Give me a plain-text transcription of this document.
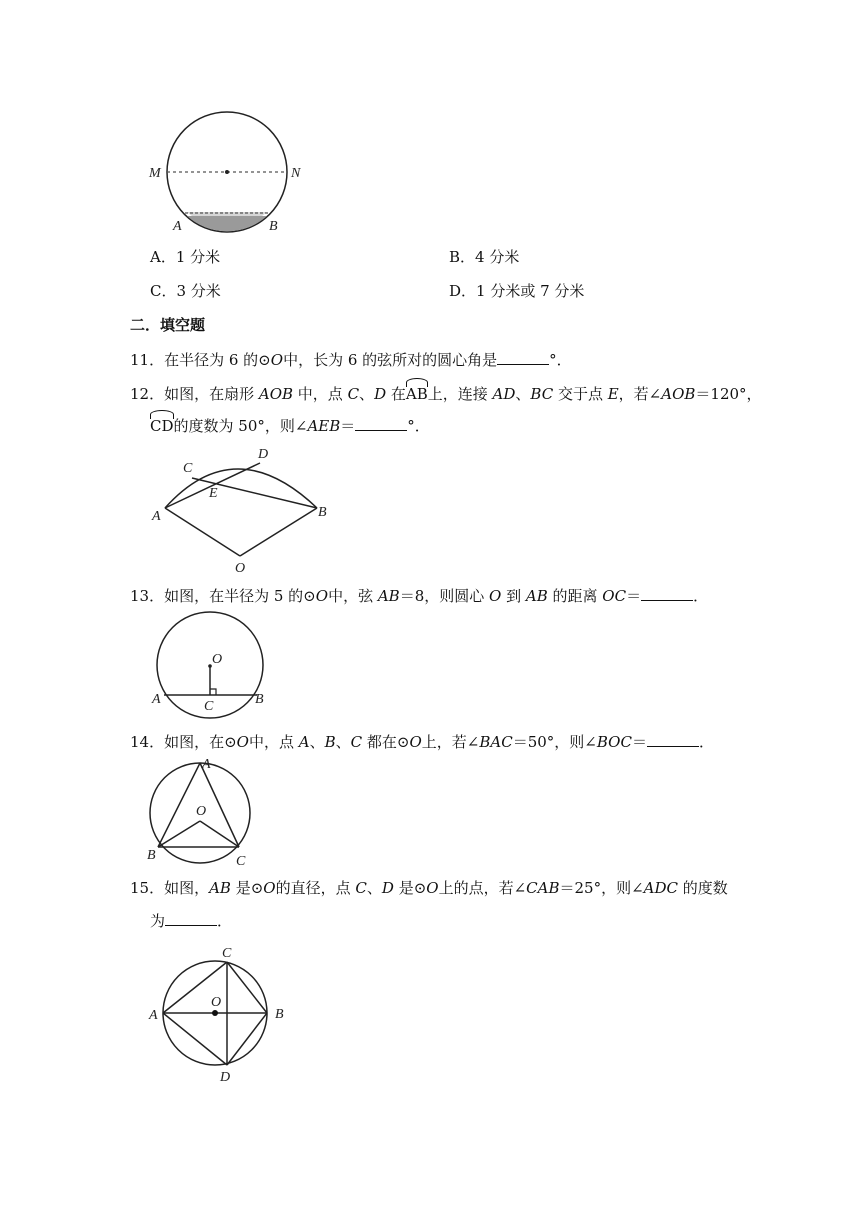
M	N
A	B
A．1 分米	B．4 分米
C．3 分米	D．1 分米或 7 分米
二．填空题
11．在半径为 6 的⊙O中，长为 6 的弦所对的圆心角是	°．
12．如图，在扇形 AOB 中，点 C、D 在
AB上，连接 AD、BC 交于点 E，若∠AOB＝120°，
CD的度数为 50°，则∠AEB＝	°．
C
D
E
A	B
O
13．如图，在半径为 5 的⊙O中，弦 AB＝8，则圆心 O 到 AB 的距离 OC＝	．
O
A	B
C
14．如图，在⊙O中，点 A、B、C 都在⊙O上，若∠BAC＝50°，则∠BOC＝	．
A
O
B	C
15．如图，AB 是⊙O的直径，点 C、D 是⊙O上的点，若∠CAB＝25°，则∠ADC 的度数
为	．
C
O
A	B
D
